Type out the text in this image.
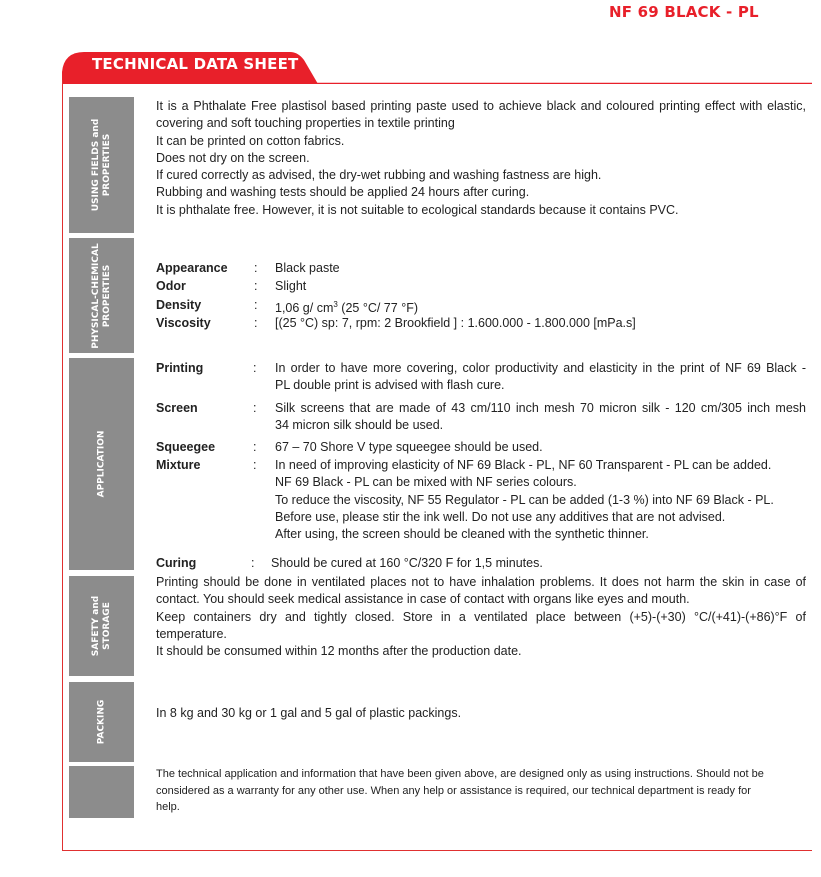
NF 69 BLACK - PL
TECHNICAL DATA SHEET
USING FIELDS and PROPERTIES
PHYSICAL-CHEMICAL PROPERTIES
APPLICATION
SAFETY and STORAGE
PACKING
It is a Phthalate Free plastisol based printing paste used to achieve black and coloured printing effect with elastic,
covering and soft touching properties in textile printing
It can be printed on cotton fabrics.
Does not dry on the screen.
If cured correctly as advised, the dry-wet rubbing and washing fastness are high.
Rubbing and washing tests should be applied 24 hours after curing.
It is phthalate free. However, it is not suitable to ecological standards because it contains PVC.
Appearance : Black paste
Odor	: Slight
Density	: 1,06 g/ $cm^3$ (25 °C/ 77 °F)
Viscosity	: [(25 °C) sp: 7, rpm: 2 Brookfield ] : 1.600.000 - 1.800.000 [mPa.s]
Printing	: In order to have more covering, color productivity and elasticity in the print of NF 69 Black -
PL double print is advised with flash cure.
Screen	: Silk screens that are made of 43 cm/110 inch mesh 70 micron silk - 120 cm/305 inch mesh
34 micron silk should be used.
Squeegee	: 67 – 70 Shore V type squeegee should be used.
Mixture	: In need of improving elasticity of NF 69 Black - PL, NF 60 Transparent - PL can be added.
NF 69 Black - PL can be mixed with NF series colours.
To reduce the viscosity, NF 55 Regulator - PL can be added (1-3 %) into NF 69 Black - PL.
Before use, please stir the ink well. Do not use any additives that are not advised.
After using, the screen should be cleaned with the synthetic thinner.
Curing	: Should be cured at 160 °C/320 F for 1,5 minutes.
Printing should be done in ventilated places not to have inhalation problems. It does not harm the skin in case of
contact. You should seek medical assistance in case of contact with organs like eyes and mouth.
Keep containers dry and tightly closed. Store in a ventilated place between (+5)-(+30) °C/(+41)-(+86)°F of
temperature.
It should be consumed within 12 months after the production date.
In 8 kg and 30 kg or 1 gal and 5 gal of plastic packings.
The technical application and information that have been given above, are designed only as using instructions. Should not be
considered as a warranty for any other use. When any help or assistance is required, our technical department is ready for
help.
